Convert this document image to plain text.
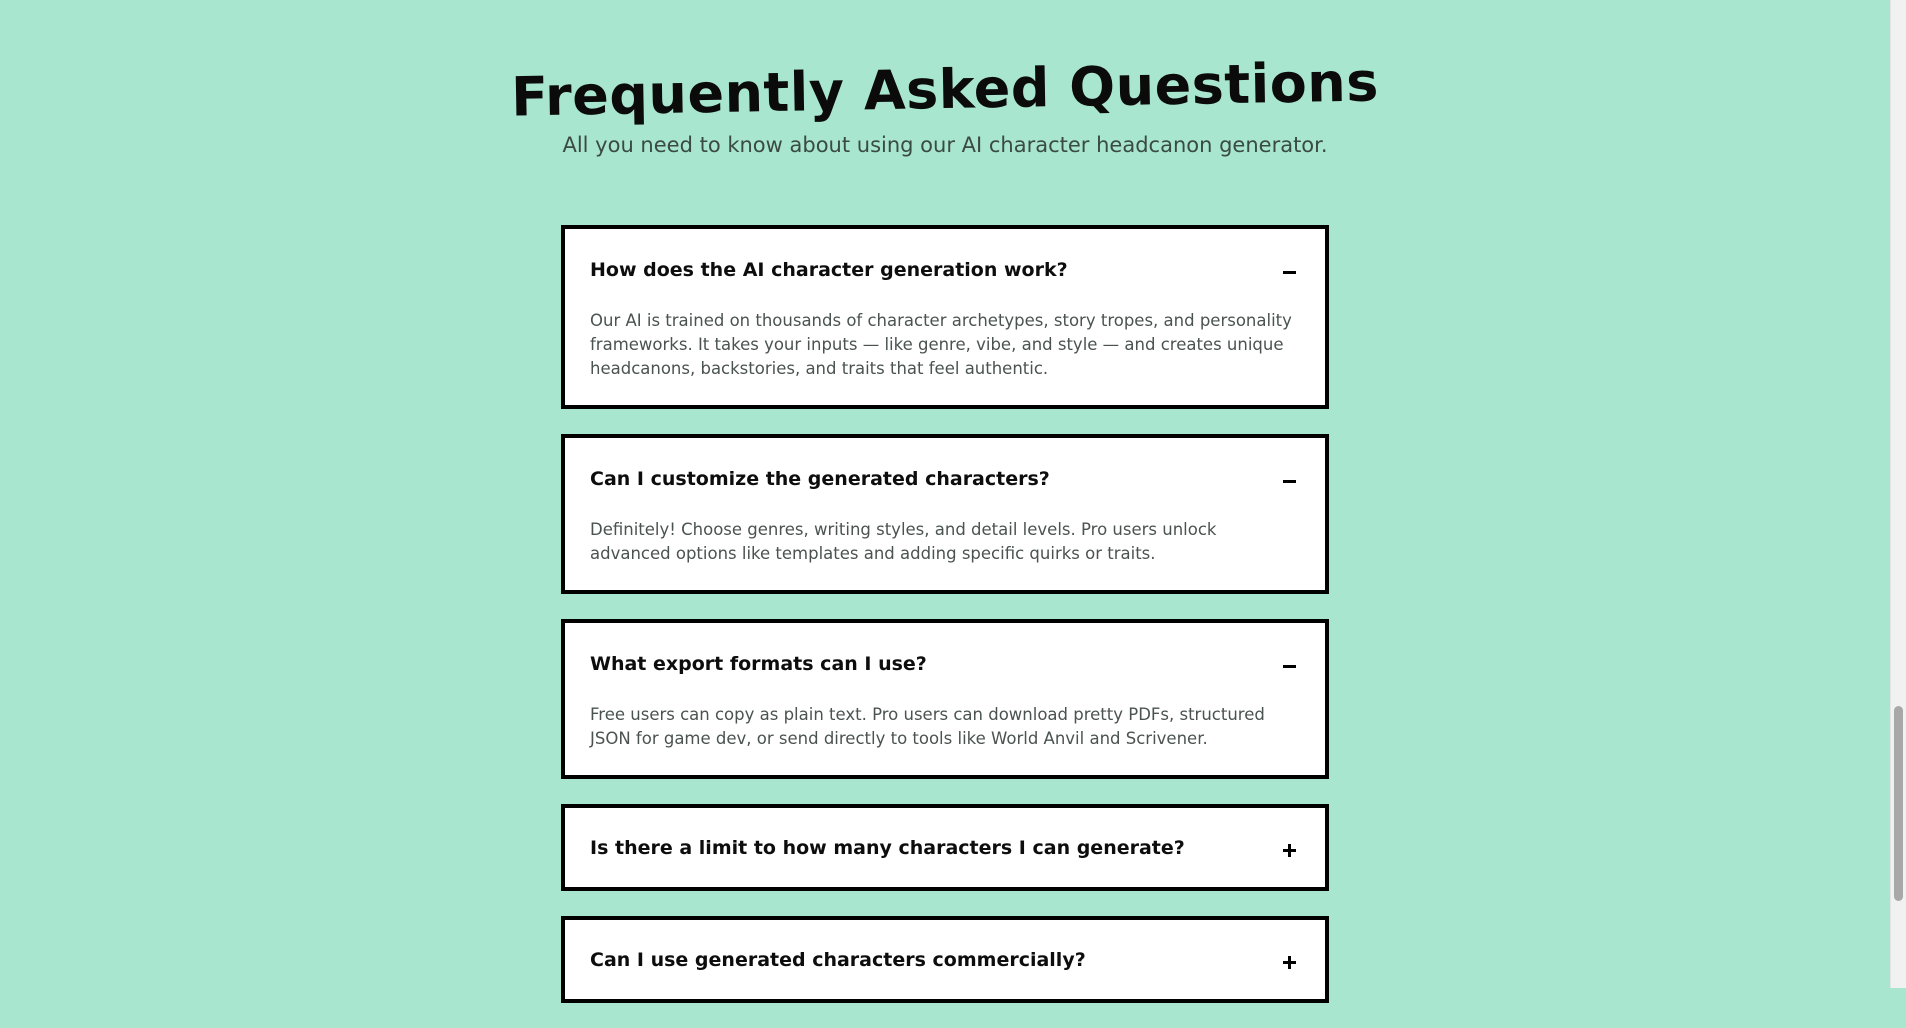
Frequently Asked Questions

All you need to know about using our AI character headcanon generator.

How does the AI character generation work?
Our AI is trained on thousands of character archetypes, story tropes, and personality frameworks. It takes your inputs — like genre, vibe, and style — and creates unique headcanons, backstories, and traits that feel authentic.
Can I customize the generated characters?
Definitely! Choose genres, writing styles, and detail levels. Pro users unlock advanced options like templates and adding specific quirks or traits.
What export formats can I use?
Free users can copy as plain text. Pro users can download pretty PDFs, structured JSON for game dev, or send directly to tools like World Anvil and Scrivener.
Is there a limit to how many characters I can generate?
Can I use generated characters commercially?
